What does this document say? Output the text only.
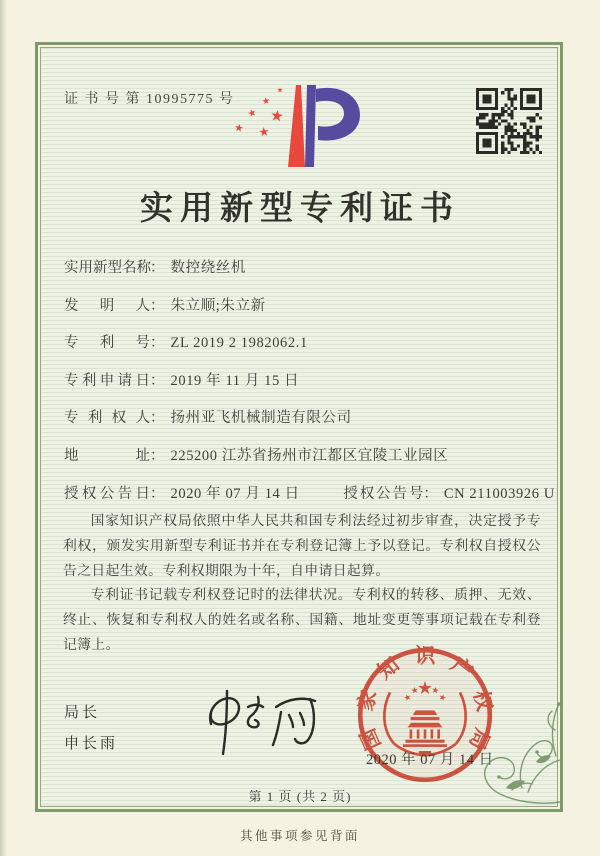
证 书 号 第 10995775 号
实用新型专利证书
实用新型名称： 数控绕丝机
发明人： 朱立顺;朱立新
专利号： ZL 2019 2 1982062.1
专利申请日： 2019 年 11 月 15 日
专利权人： 扬州亚飞机械制造有限公司
地址： 225200 江苏省扬州市江都区宜陵工业园区
授权公告日： 2020 年 07 月 14 日	授权公告号： CN 211003926 U

国家知识产权局依照中华人民共和国专利法经过初步审查，决定授予专利权，颁发实用新型专利证书并在专利登记簿上予以登记。专利权自授权公告之日起生效。专利权期限为十年，自申请日起算。

专利证书记载专利权登记时的法律状况。专利权的转移、质押、无效、终止、恢复和专利权人的姓名或名称、国籍、地址变更等事项记载在专利登记簿上。

局长
申长雨	国
家
知 识 产
权
局
2020 年 07 月 14 日
第 1 页 (共 2 页)
其他事项参见背面
